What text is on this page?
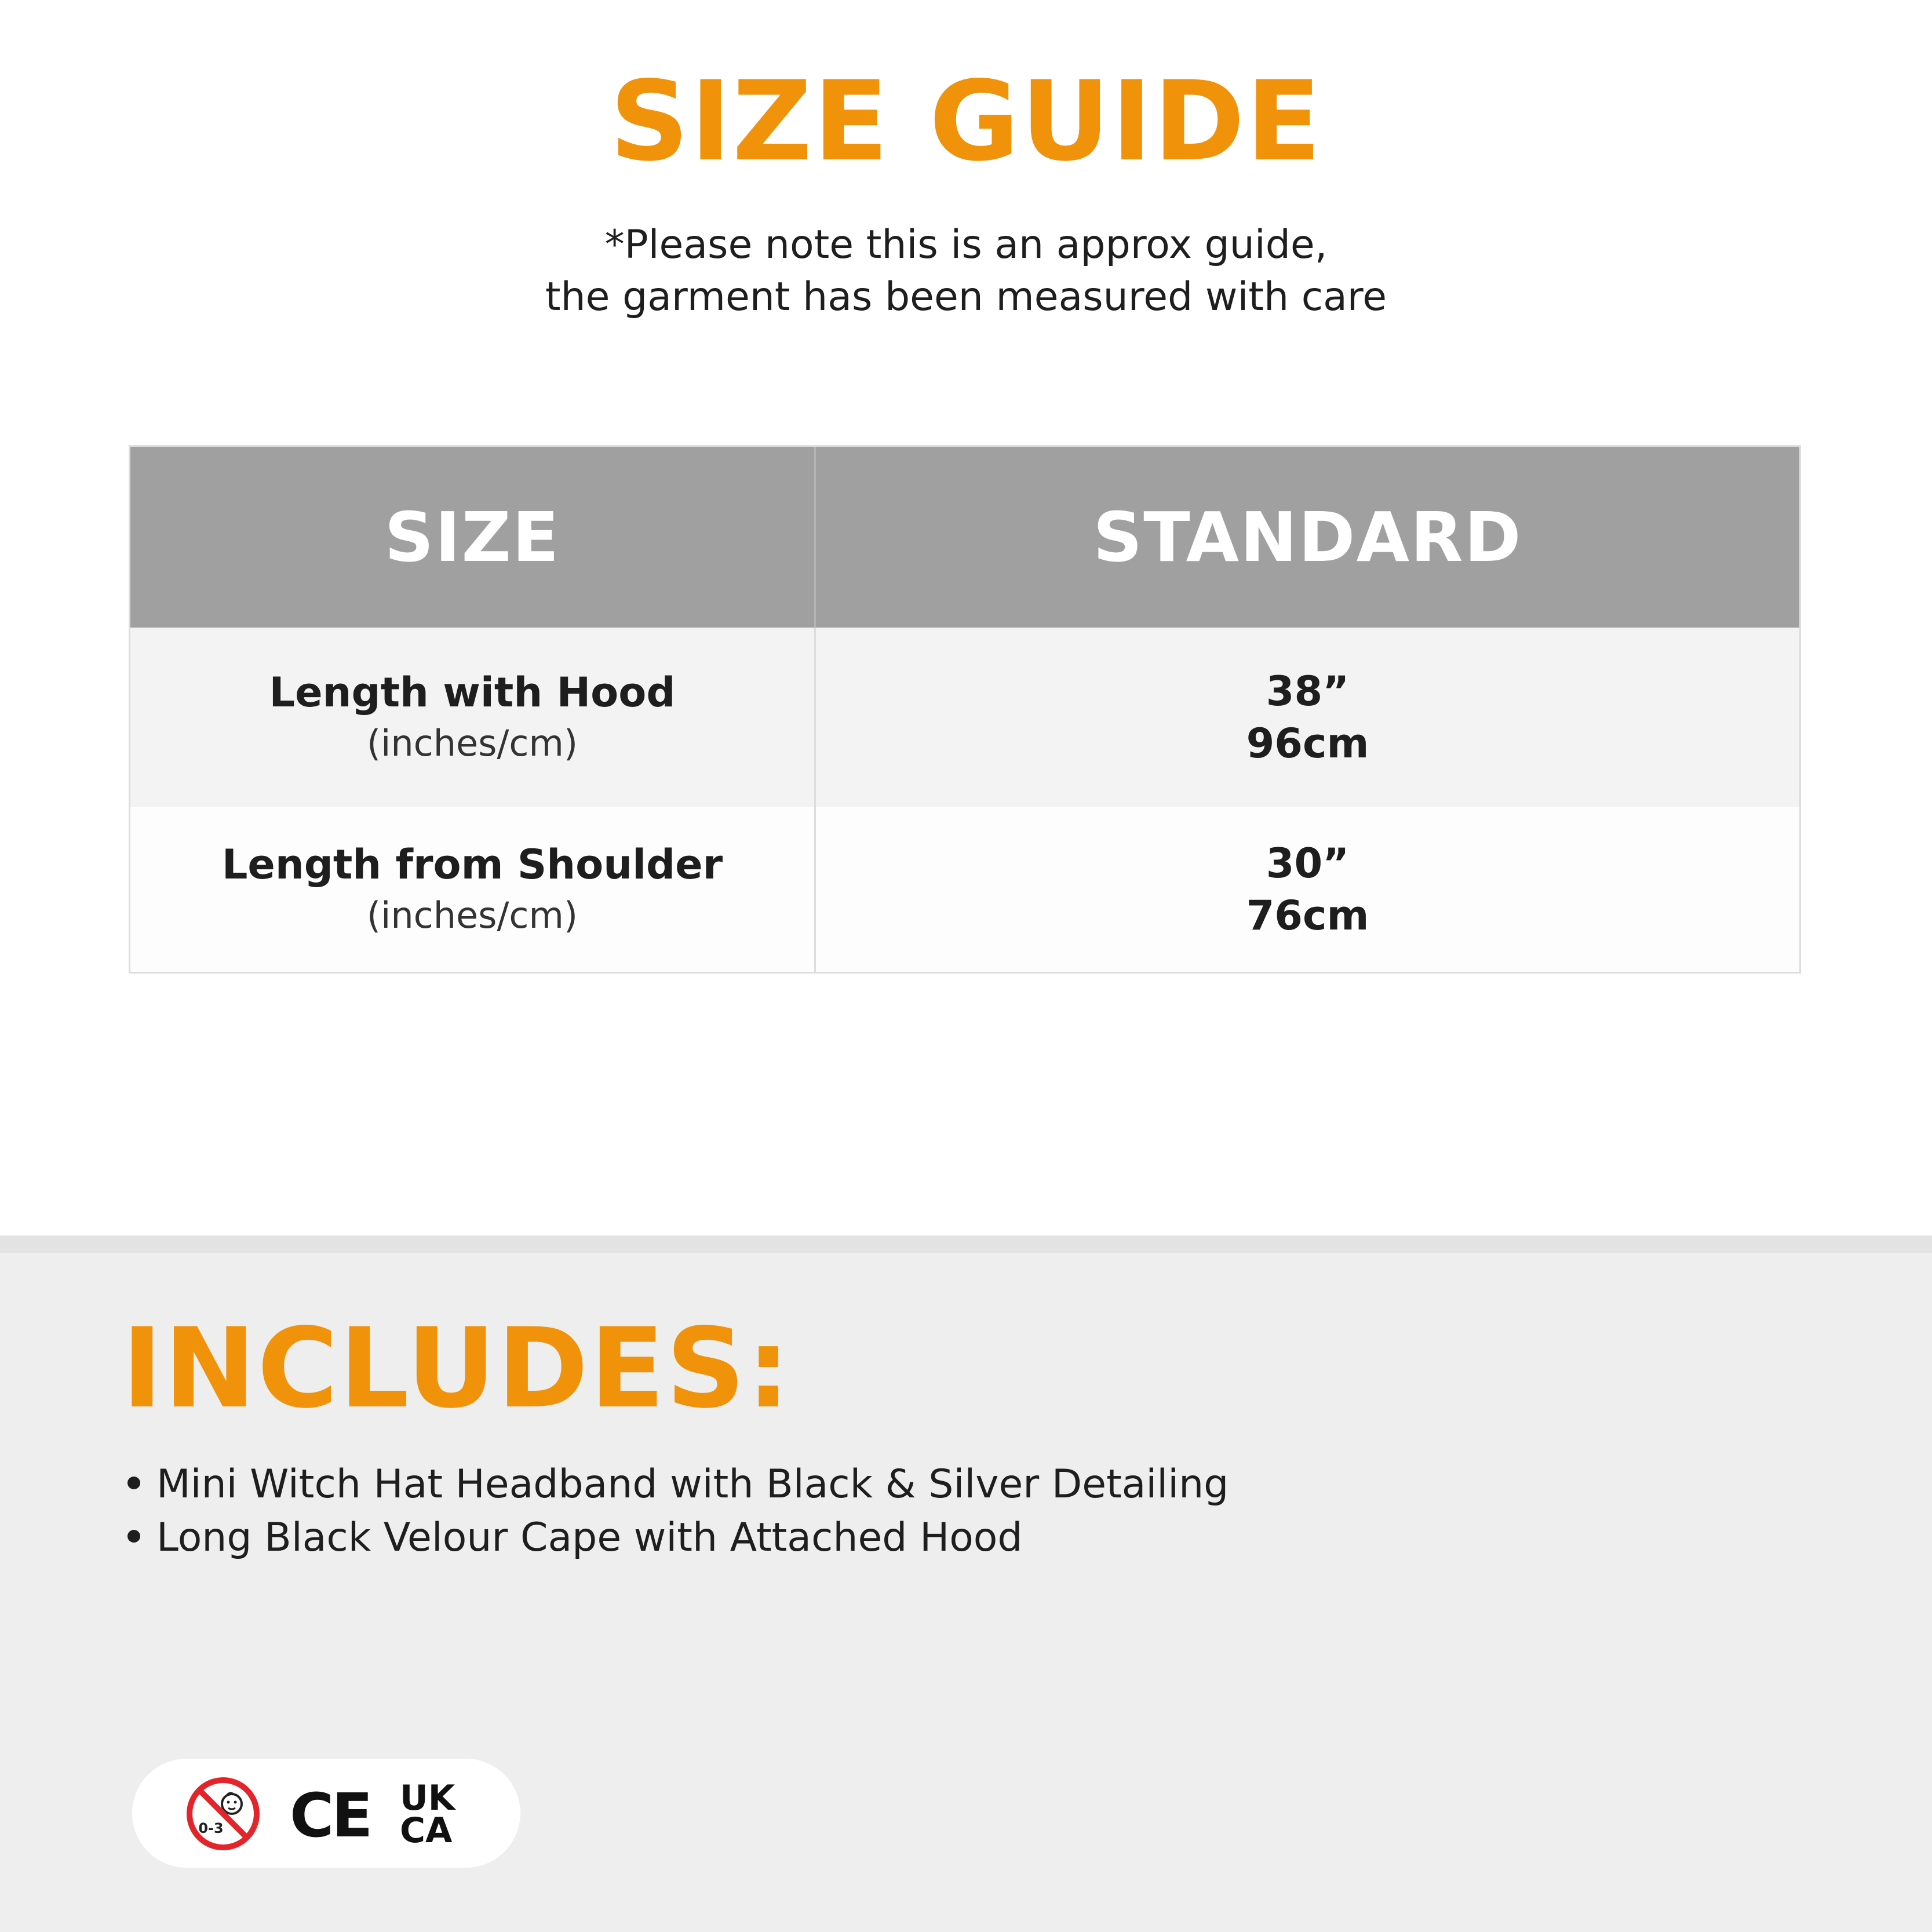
SIZE GUIDE
*Please note this is an approx guide,
the garment has been measured with care
SIZE	STANDARD
Length with Hood
(inches/cm)
38”
96cm
Length from Shoulder
(inches/cm)
30”
76cm
INCLUDES:
Mini Witch Hat Headband with Black & Silver Detailing
Long Black Velour Cape with Attached Hood
0-3 CE UK
CA
